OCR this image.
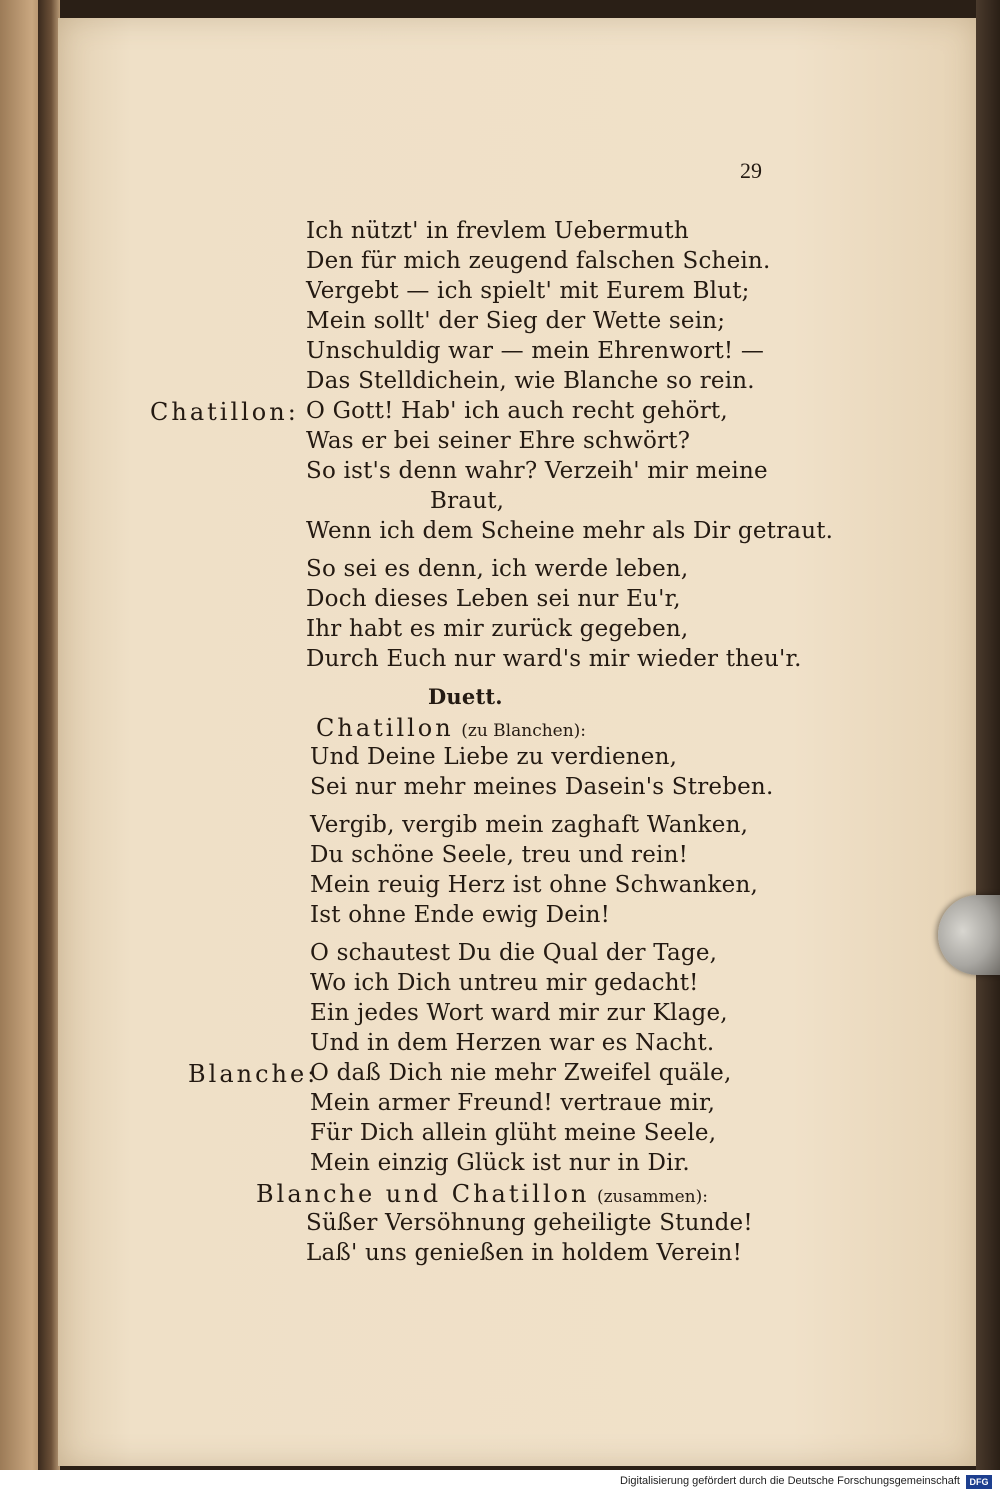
29
Ich nützt' in frevlem Uebermuth
Den für mich zeugend falschen Schein.
Vergebt — ich spielt' mit Eurem Blut;
Mein sollt' der Sieg der Wette sein;
Unschuldig war — mein Ehrenwort! —
Das Stelldichein, wie Blanche so rein.
Chatillon: O Gott! Hab' ich auch recht gehört,
Was er bei seiner Ehre schwört?
So ist's denn wahr? Verzeih' mir meine
Braut,
Wenn ich dem Scheine mehr als Dir getraut.
So sei es denn, ich werde leben,
Doch dieses Leben sei nur Eu'r,
Ihr habt es mir zurück gegeben,
Durch Euch nur ward's mir wieder theu'r.
Duett.
Chatillon (zu Blanchen):
Und Deine Liebe zu verdienen,
Sei nur mehr meines Dasein's Streben.
Vergib, vergib mein zaghaft Wanken,
Du schöne Seele, treu und rein!
Mein reuig Herz ist ohne Schwanken,
Ist ohne Ende ewig Dein!
O schautest Du die Qual der Tage,
Wo ich Dich untreu mir gedacht!
Ein jedes Wort ward mir zur Klage,
Und in dem Herzen war es Nacht.
Blanche:
O daß Dich nie mehr Zweifel quäle,
Mein armer Freund! vertraue mir,
Für Dich allein glüht meine Seele,
Mein einzig Glück ist nur in Dir.
Blanche und Chatillon (zusammen):
Süßer Versöhnung geheiligte Stunde!
Laß' uns genießen in holdem Verein!
Digitalisierung gefördert durch die Deutsche Forschungsgemeinschaft	DFG
